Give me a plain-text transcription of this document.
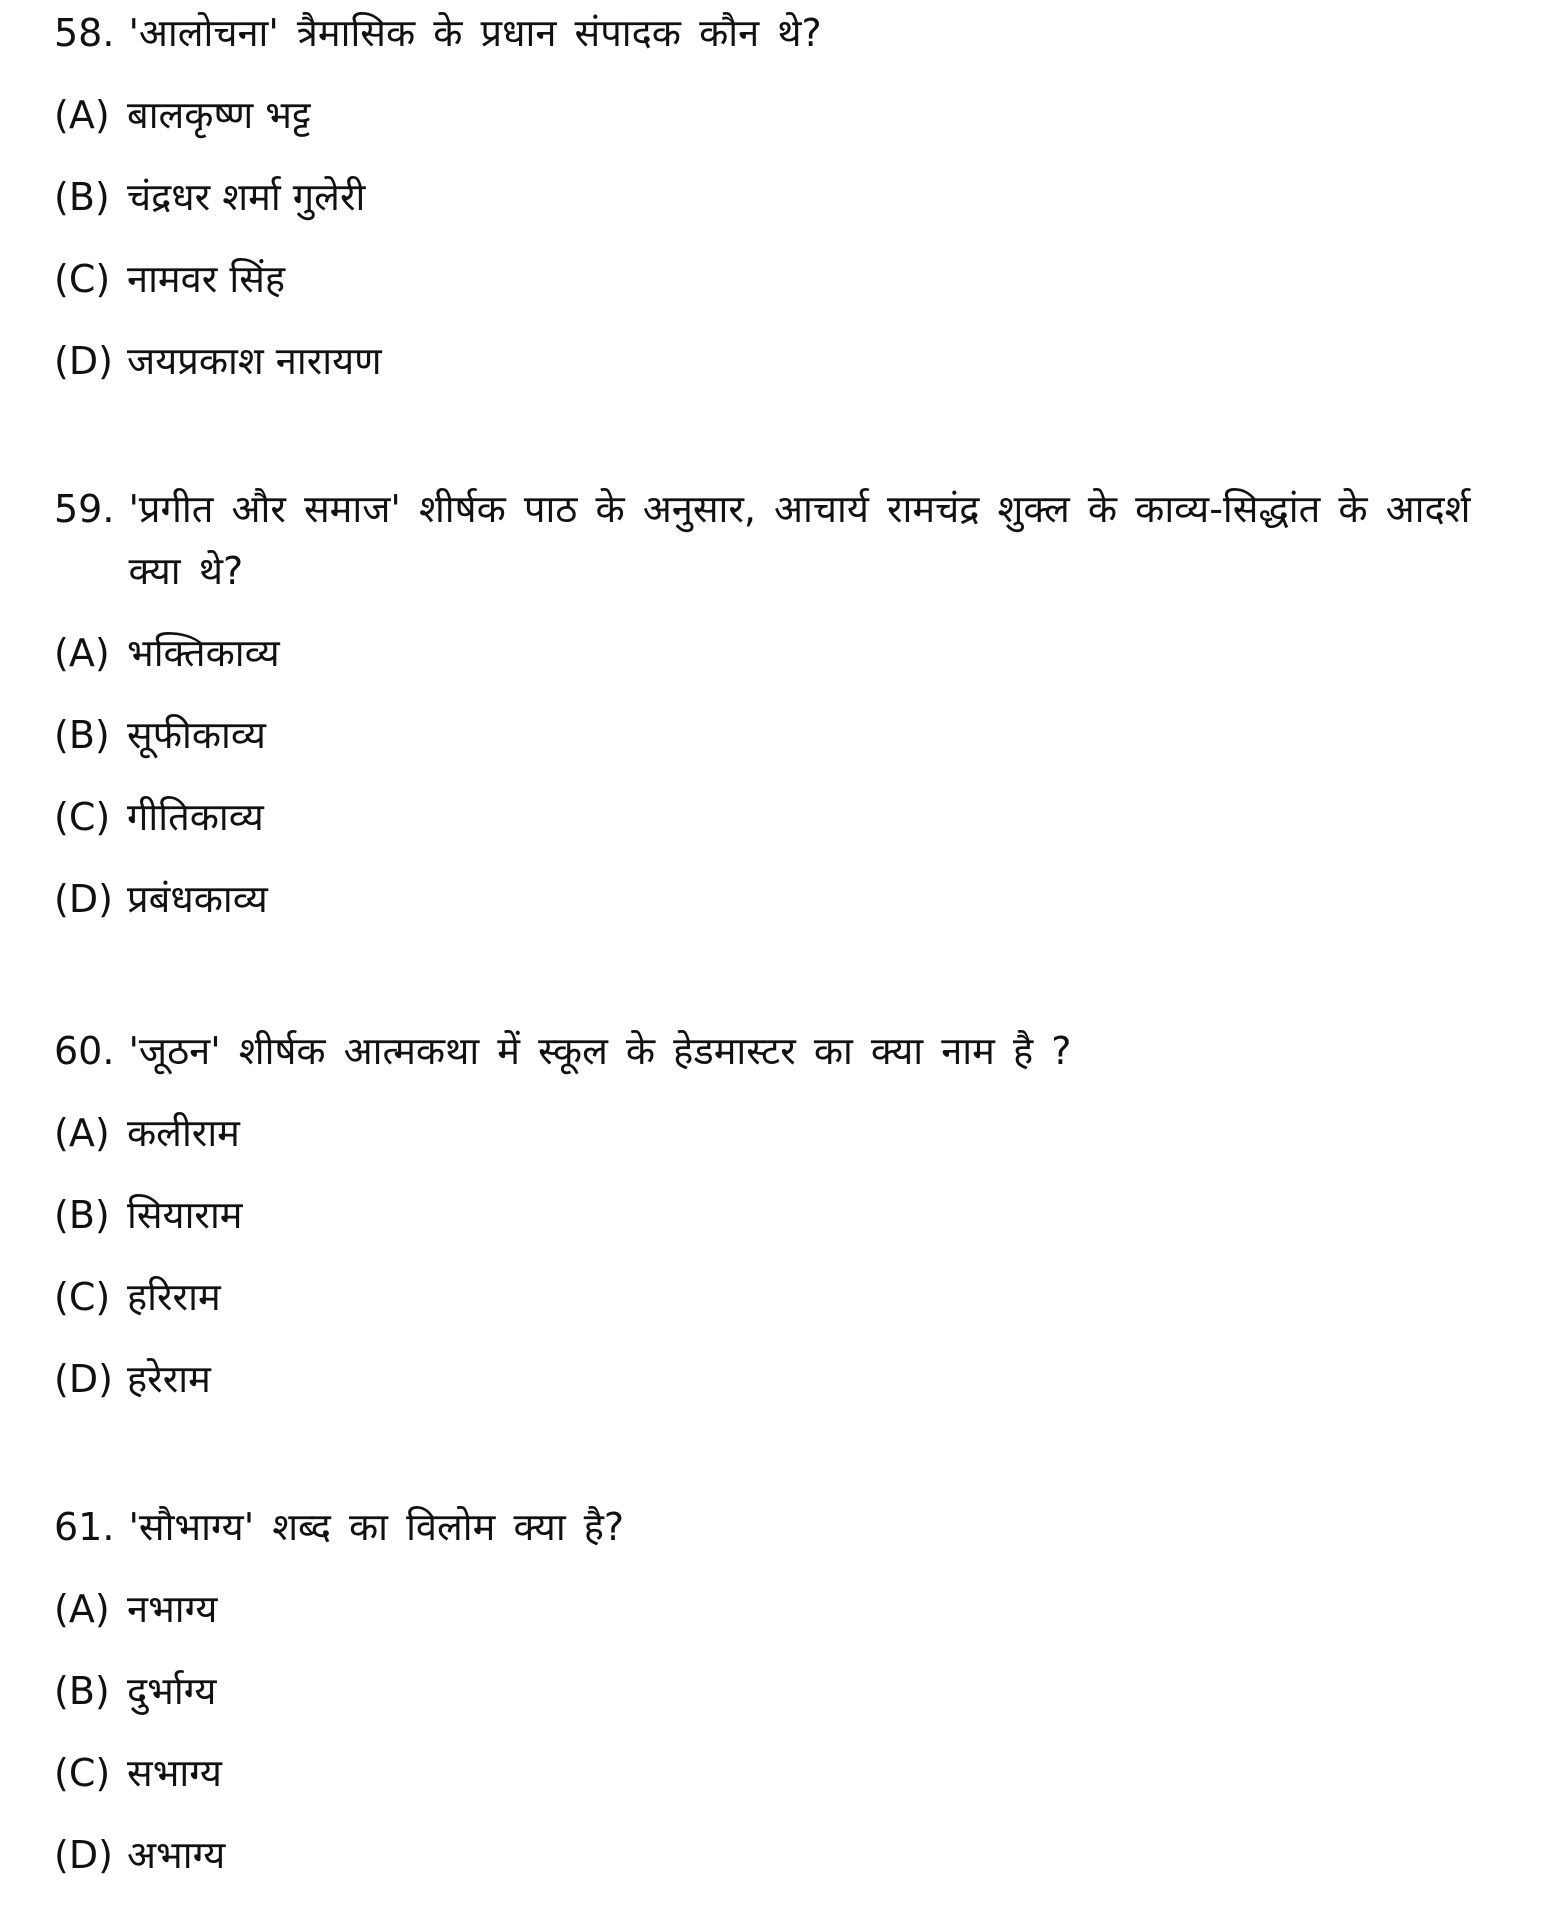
58. 'आलोचना' त्रैमासिक के प्रधान संपादक कौन थे?
(A) बालकृष्ण भट्ट
(B) चंद्रधर शर्मा गुलेरी
(C) नामवर सिंह
(D) जयप्रकाश नारायण
59. 'प्रगीत और समाज' शीर्षक पाठ के अनुसार, आचार्य रामचंद्र शुक्ल के काव्य-सिद्धांत के आदर्श क्या थे?
(A) भक्तिकाव्य
(B) सूफीकाव्य
(C) गीतिकाव्य
(D) प्रबंधकाव्य
60. 'जूठन' शीर्षक आत्मकथा में स्कूल के हेडमास्टर का क्या नाम है ?
(A) कलीराम
(B) सियाराम
(C) हरिराम
(D) हरेराम
61. 'सौभाग्य' शब्द का विलोम क्या है?
(A) नभाग्य
(B) दुर्भाग्य
(C) सभाग्य
(D) अभाग्य
